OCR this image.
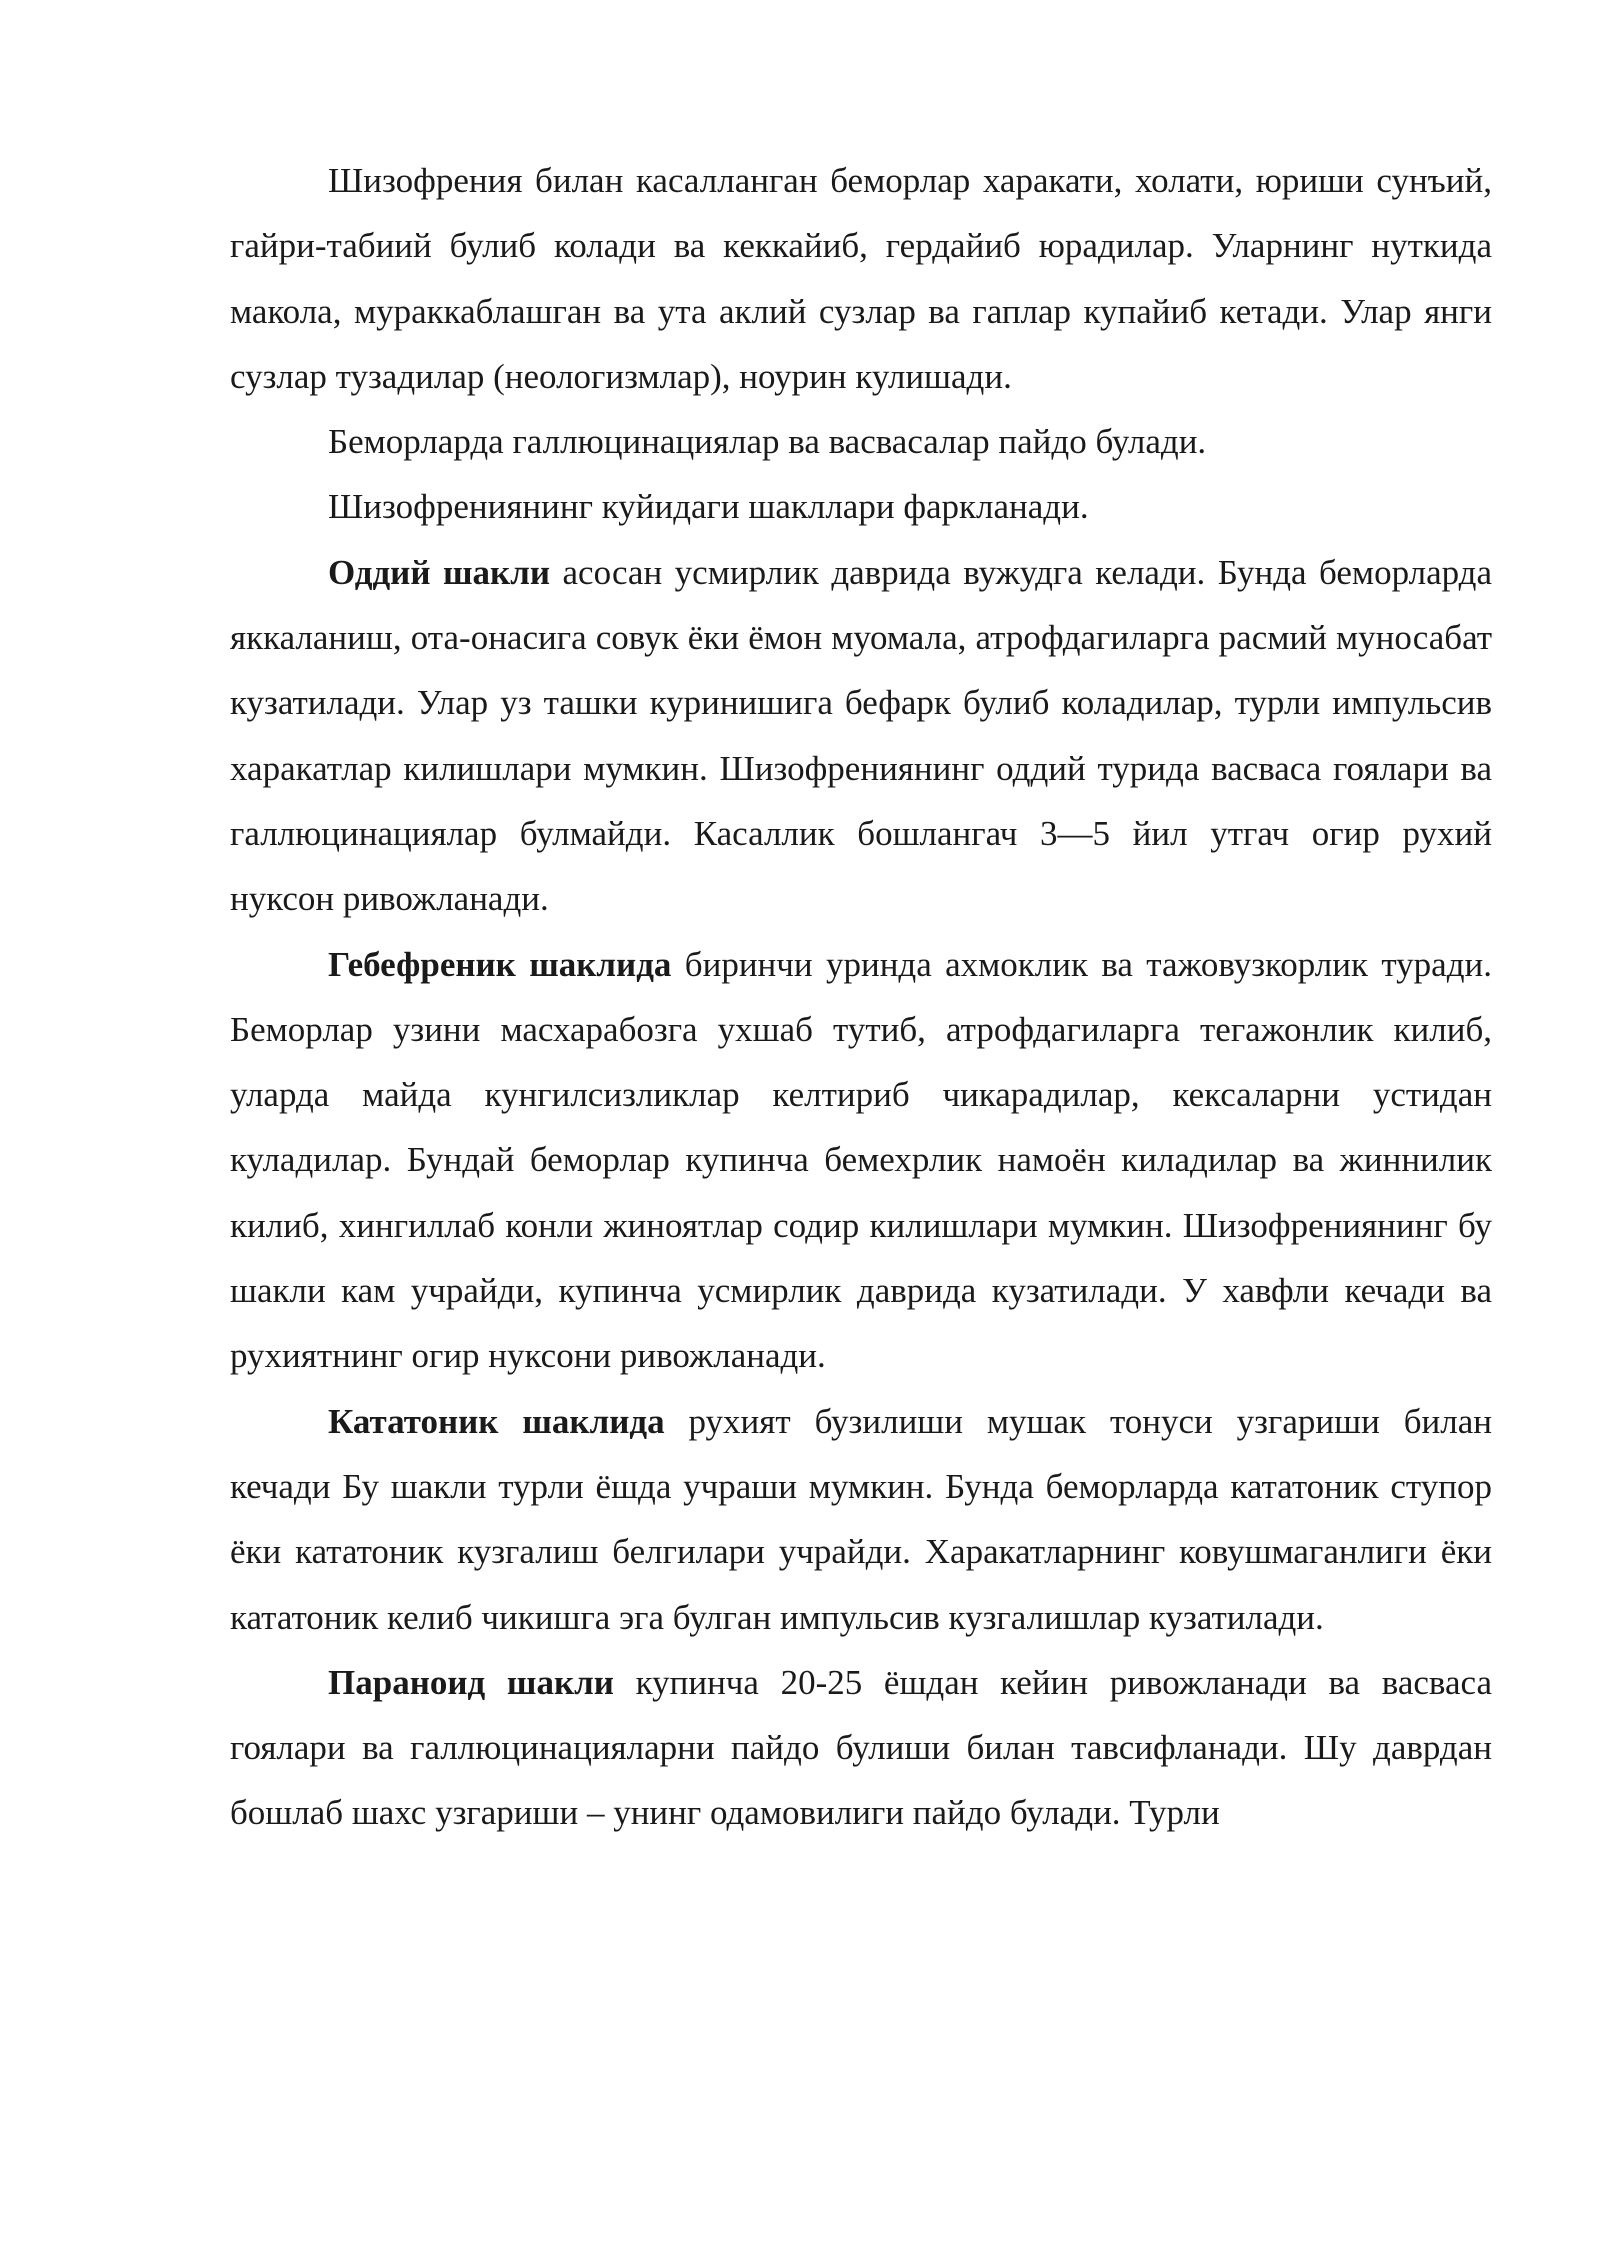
Шизофрения билан касалланган беморлар харакати, холати, юриши сунъий, гайри-табиий булиб колади ва кеккайиб, гердайиб юрадилар. Уларнинг нуткида макола, мураккаблашган ва ута аклий сузлар ва гаплар купайиб кетади. Улар янги сузлар тузадилар (неологизмлар), ноурин кулишади.

Беморларда галлюцинациялар ва васвасалар пайдо булади.

Шизофрениянинг куйидаги шакллари фаркланади.

Оддий шакли асосан усмирлик даврида вужудга келади. Бунда беморларда яккаланиш, ота-онасига совук ёки ёмон муомала, атрофдагиларга расмий муносабат кузатилади. Улар уз ташки куринишига бефарк булиб коладилар, турли импульсив харакатлар килишлари мумкин. Шизофрениянинг оддий турида васваса гоялари ва галлюцинациялар булмайди. Касаллик бошлангач 3—5 йил утгач огир рухий нуксон ривожланади.

Гебефреник шаклида биринчи уринда ахмоклик ва тажовузкорлик туради. Беморлар узини масхарабозга ухшаб тутиб, атрофдагиларга тегажонлик килиб, уларда майда кунгилсизликлар келтириб чикарадилар, кексаларни устидан куладилар. Бундай беморлар купинча бемехрлик намоён киладилар ва жиннилик килиб, хингиллаб конли жиноятлар содир килишлари мумкин. Шизофрениянинг бу шакли кам учрайди, купинча усмирлик даврида кузатилади. У хавфли кечади ва рухиятнинг огир нуксони ривожланади.

Кататоник шаклида рухият бузилиши мушак тонуси узгариши билан кечади Бу шакли турли ёшда учраши мумкин. Бунда беморларда кататоник ступор ёки кататоник кузгалиш белгилари учрайди. Харакатларнинг ковушмаганлиги ёки кататоник келиб чикишга эга булган импульсив кузгалишлар кузатилади.

Параноид шакли купинча 20-25 ёшдан кейин ривожланади ва васваса гоялари ва галлюцинацияларни пайдо булиши билан тавсифланади. Шу даврдан бошлаб шахс узгариши – унинг одамовилиги пайдо булади. Турли
